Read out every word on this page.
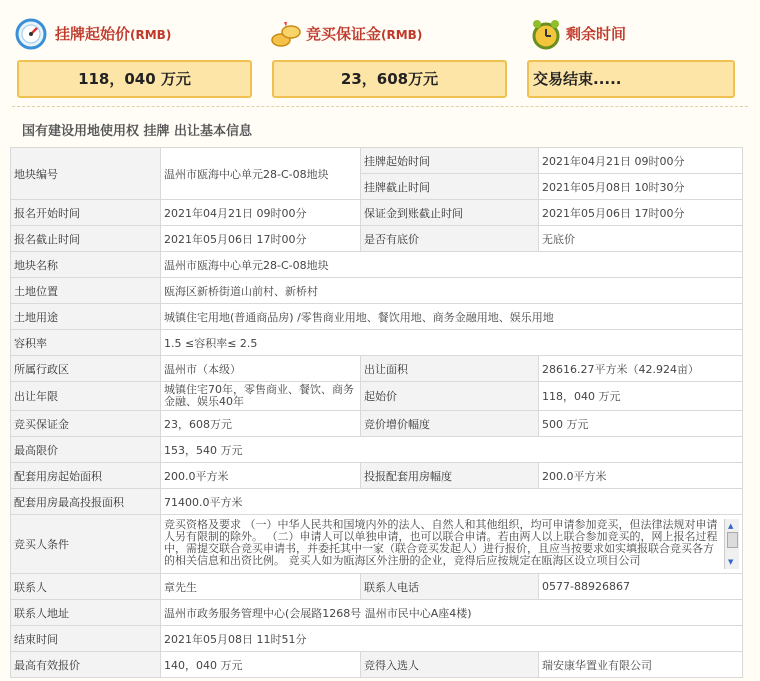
挂牌起始价(RMB)	竞买保证金(RMB)	剩余时间
118，040 万元	23，608万元	交易结束.....
国有建设用地使用权 挂牌 出让基本信息
地块编号	温州市瓯海中心单元28-C-08地块	挂牌起始时间	2021年04月21日 09时00分
		挂牌截止时间	2021年05月08日 10时30分
报名开始时间	2021年04月21日 09时00分	保证金到账截止时间	2021年05月06日 17时00分
报名截止时间	2021年05月06日 17时00分	是否有底价	无底价
地块名称	温州市瓯海中心单元28-C-08地块		
土地位置	瓯海区新桥街道山前村、新桥村		
土地用途	城镇住宅用地(普通商品房) /零售商业用地、餐饮用地、商务金融用地、娱乐用地		
容积率	1.5 ≤容积率≤ 2.5		
所属行政区	温州市（本级）	出让面积	28616.27平方米（42.924亩）
出让年限	城镇住宅70年，零售商业、餐饮、商务金融、娱乐40年	起始价	118，040 万元
竞买保证金	23，608万元	竞价增价幅度	500 万元
最高限价	153，540 万元		
配套用房起始面积	200.0平方米	投报配套用房幅度	200.0平方米
配套用房最高投报面积	71400.0平方米		
竞买人条件	竞买资格及要求 （一）中华人民共和国境内外的法人、自然人和其他组织，均可申请参加竞买，但法律法规对申请人另有限制的除外。 （二）申请人可以单独申请，也可以联合申请。若由两人以上联合参加竞买的，网上报名过程中，需提交联合竞买申请书，并委托其中一家（联合竞买发起人）进行报价，且应当按要求如实填报联合竞买各方的相关信息和出资比例。 竞买人如为瓯海区外注册的企业，竞得后应按规定在瓯海区设立项目公司
▲
▼		

联系人	章先生	联系人电话	0577-88926867
联系人地址	温州市政务服务管理中心(会展路1268号 温州市民中心A座4楼)		
结束时间	2021年05月08日 11时51分		
最高有效报价	140，040 万元	竞得入选人	瑞安康华置业有限公司
